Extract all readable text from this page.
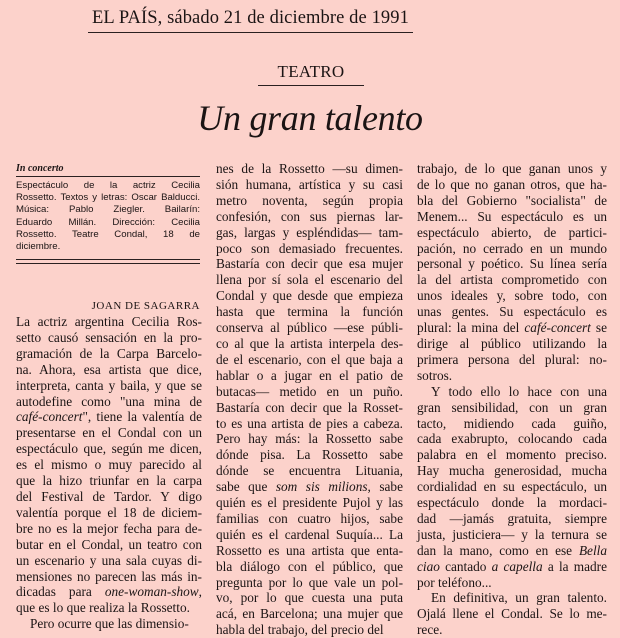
EL PAÍS, sábado 21 de diciembre de 1991
TEATRO
Un gran talento
In concerto
Espectáculo de la actriz Cecilia
Rossetto. Textos y letras: Oscar Balducci.
Música: Pablo Ziegler. Bailarín:
Eduardo Millán. Dirección: Cecilia
Rossetto. Teatre Condal, 18 de
diciembre.
JOAN DE SAGARRA
La actriz argentina Cecilia Ros-
setto causó sensación en la pro-
gramación de la Carpa Barcelo-
na. Ahora, esa artista que dice,
interpreta, canta y baila, y que se
autodefine como "una mina de
café-concert", tiene la valentía de
presentarse en el Condal con un
espectáculo que, según me dicen,
es el mismo o muy parecido al
que la hizo triunfar en la carpa
del Festival de Tardor. Y digo
valentía porque el 18 de diciem-
bre no es la mejor fecha para de-
butar en el Condal, un teatro con
un escenario y una sala cuyas di-
mensiones no parecen las más in-
dicadas para one-woman-show,
que es lo que realiza la Rossetto.
Pero ocurre que las dimensio-
nes de la Rossetto —su dimen-
sión humana, artística y su casi
metro noventa, según propia
confesión, con sus piernas lar-
gas, largas y espléndidas— tam-
poco son demasiado frecuentes.
Bastaría con decir que esa mujer
llena por sí sola el escenario del
Condal y que desde que empieza
hasta que termina la función
conserva al público —ese públi-
co al que la artista interpela des-
de el escenario, con el que baja a
hablar o a jugar en el patio de
butacas— metido en un puño.
Bastaría con decir que la Rosset-
to es una artista de pies a cabeza.
Pero hay más: la Rossetto sabe
dónde pisa. La Rossetto sabe
dónde se encuentra Lituania,
sabe que som sis milions, sabe
quién es el presidente Pujol y las
familias con cuatro hijos, sabe
quién es el cardenal Suquía... La
Rossetto es una artista que enta-
bla diálogo con el público, que
pregunta por lo que vale un pol-
vo, por lo que cuesta una puta
acá, en Barcelona; una mujer que
habla del trabajo, del precio del
trabajo, de lo que ganan unos y
de lo que no ganan otros, que ha-
bla del Gobierno "socialista" de
Menem... Su espectáculo es un
espectáculo abierto, de partici-
pación, no cerrado en un mundo
personal y poético. Su línea sería
la del artista comprometido con
unos ideales y, sobre todo, con
unas gentes. Su espectáculo es
plural: la mina del café-concert se
dirige al público utilizando la
primera persona del plural: no-
sotros.
Y todo ello lo hace con una
gran sensibilidad, con un gran
tacto, midiendo cada guiño,
cada exabrupto, colocando cada
palabra en el momento preciso.
Hay mucha generosidad, mucha
cordialidad en su espectáculo, un
espectáculo donde la mordaci-
dad —jamás gratuita, siempre
justa, justiciera— y la ternura se
dan la mano, como en ese Bella
ciao cantado a capella a la madre
por teléfono...
En definitiva, un gran talento.
Ojalá llene el Condal. Se lo me-
rece.
